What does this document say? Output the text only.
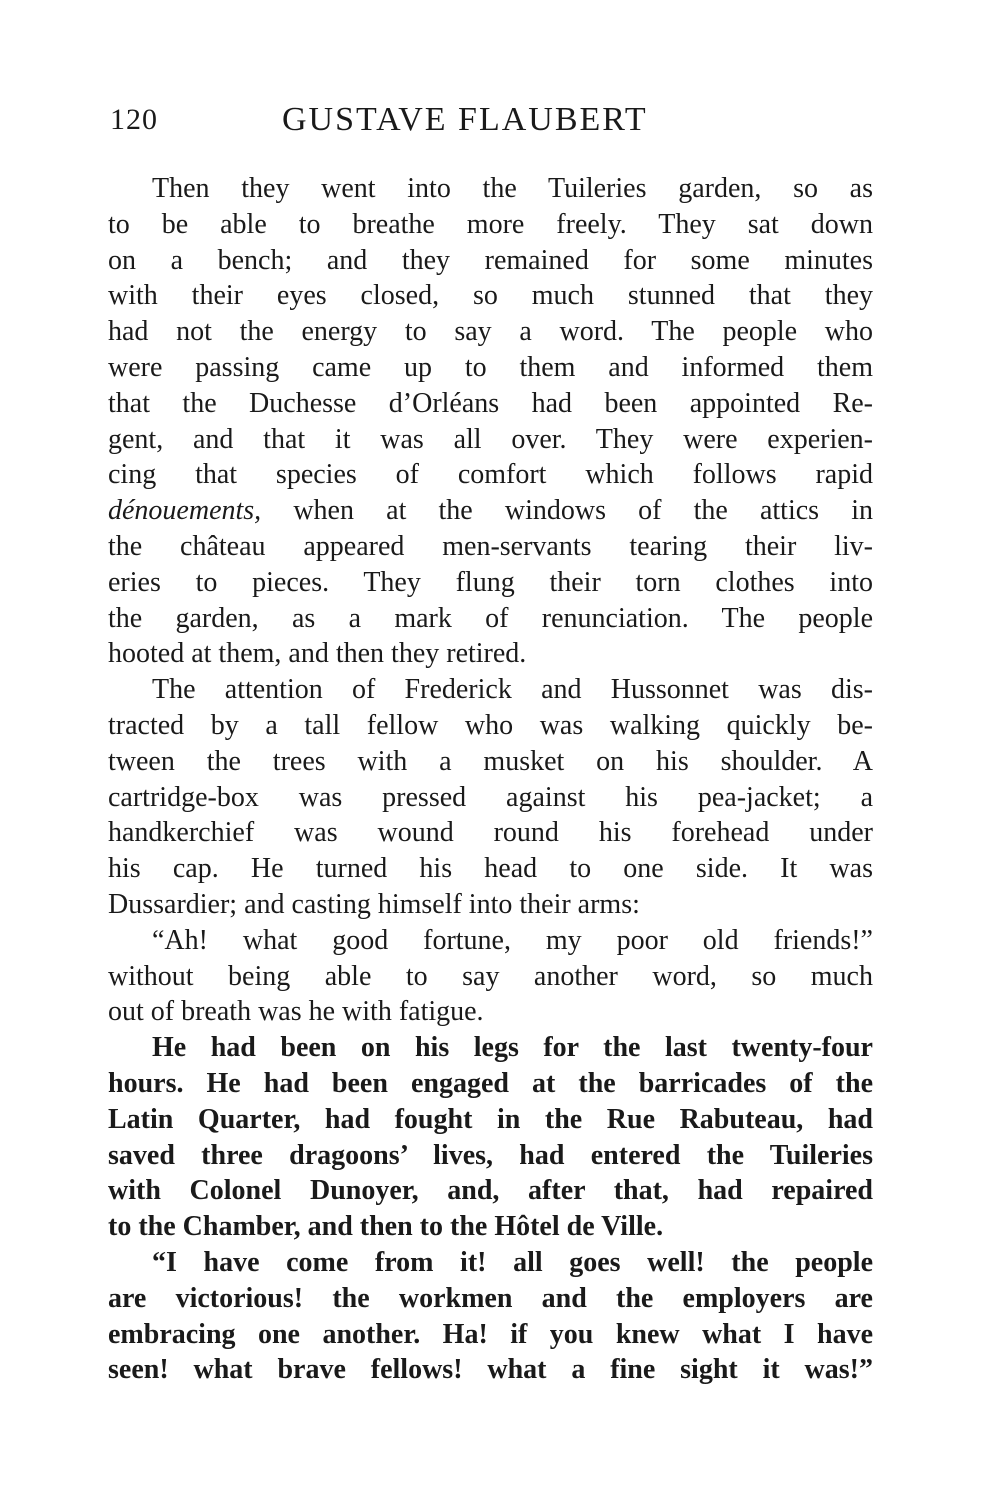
120	GUSTAVE FLAUBERT
Then they went into the Tuileries garden, so as
to be able to breathe more freely. They sat down
on a bench; and they remained for some minutes
with their eyes closed, so much stunned that they
had not the energy to say a word. The people who
were passing came up to them and informed them
that the Duchesse d’Orléans had been appointed Re-
gent, and that it was all over. They were experien-
cing that species of comfort which follows rapid
dénouements, when at the windows of the attics in
the château appeared men-servants tearing their liv-
eries to pieces. They flung their torn clothes into
the garden, as a mark of renunciation. The people
hooted at them, and then they retired.
The attention of Frederick and Hussonnet was dis-
tracted by a tall fellow who was walking quickly be-
tween the trees with a musket on his shoulder. A
cartridge-box was pressed against his pea-jacket; a
handkerchief was wound round his forehead under
his cap. He turned his head to one side. It was
Dussardier; and casting himself into their arms:
“Ah! what good fortune, my poor old friends!”
without being able to say another word, so much
out of breath was he with fatigue.
He had been on his legs for the last twenty-four
hours. He had been engaged at the barricades of the
Latin Quarter, had fought in the Rue Rabuteau, had
saved three dragoons’ lives, had entered the Tuileries
with Colonel Dunoyer, and, after that, had repaired
to the Chamber, and then to the Hôtel de Ville.
“I have come from it! all goes well! the people
are victorious! the workmen and the employers are
embracing one another. Ha! if you knew what I have
seen! what brave fellows! what a fine sight it was!”
